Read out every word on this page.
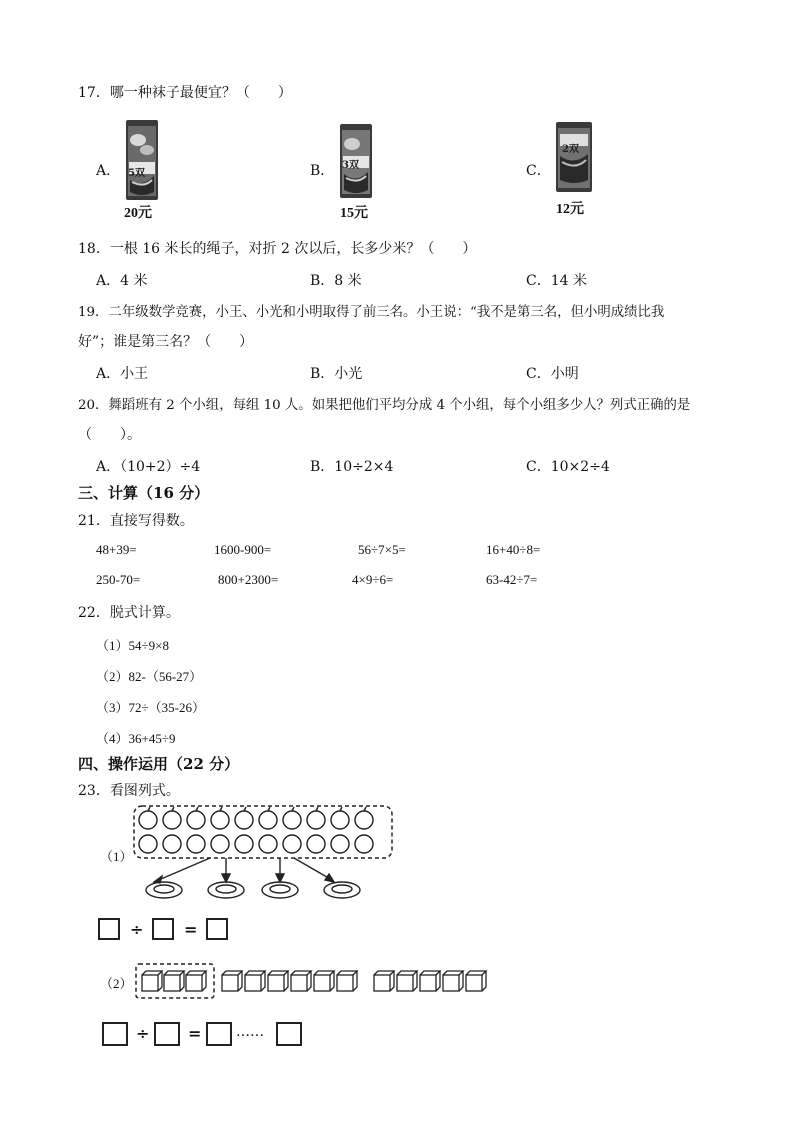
17．哪一种袜子最便宜？（　　）
A． 5双
20元
B． 3双
15元
C．
2双
12元
18．一根 16 米长的绳子，对折 2 次以后，长多少米？（　　）
A．4 米	B．8 米	C．14 米
19．二年级数学竞赛，小王、小光和小明取得了前三名。小王说：“我不是第三名，但小明成绩比我
好”；谁是第三名？（　　）
A．小王	B．小光	C．小明
20．舞蹈班有 2 个小组，每组 10 人。如果把他们平均分成 4 个小组，每个小组多少人？列式正确的是
（　　）。
A．（10+2）÷4	B．10÷2×4	C．10×2÷4
三、计算（16 分）
21．直接写得数。
48+39=	1600-900=	56÷7×5=	16+40÷8=
250-70=	800+2300=	4×9÷6=	63-42÷7=
22．脱式计算。
（1）54÷9×8
（2）82-（56-27）
（3）72÷（35-26）
（4）36+45÷9
四、操作运用（22 分）
23．看图列式。
（1）
÷	=
（2）
÷ = ……
